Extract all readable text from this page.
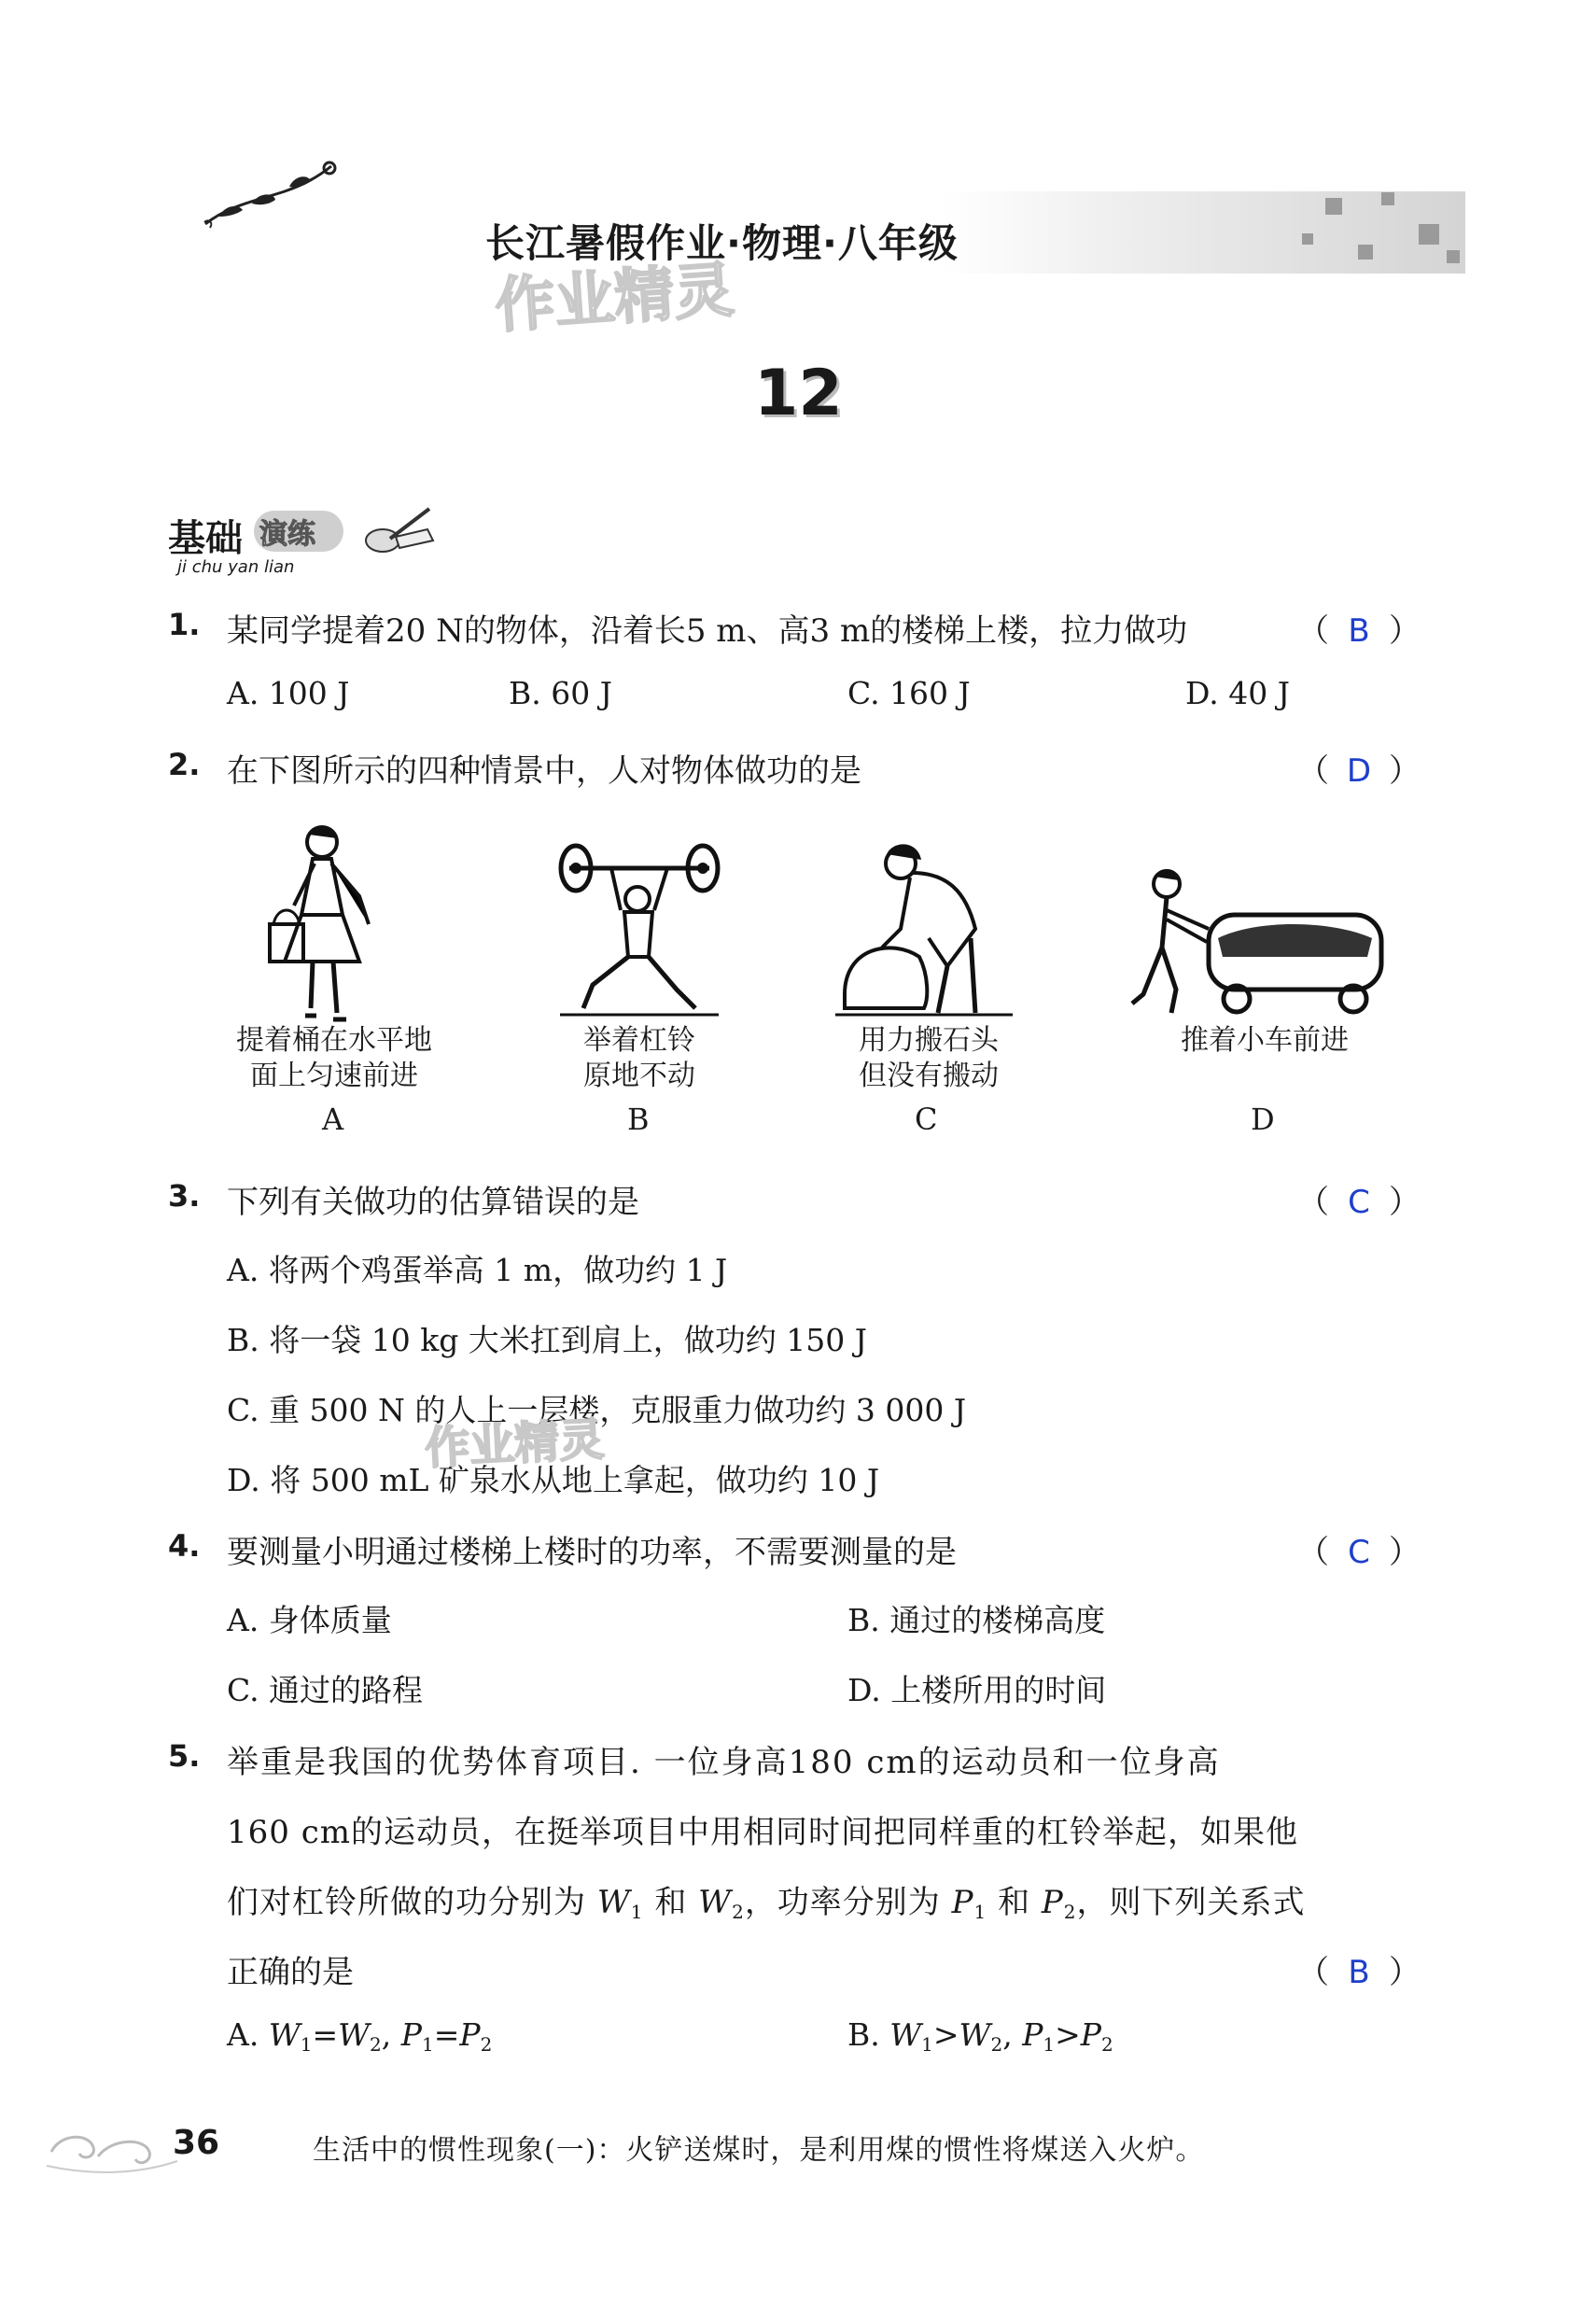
长江暑假作业·物理·八年级
作业精灵
12
基础 演练
ji chu yan lian
1. 某同学提着20 N的物体，沿着长5 m、高3 m的楼梯上楼，拉力做功	（ B ）
A. 100 J	B. 60 J	C. 160 J	D. 40 J
2. 在下图所示的四种情景中，人对物体做功的是	（ D ）
提着桶在水平地
面上匀速前进
A
举着杠铃
原地不动
B
用力搬石头
但没有搬动
C
推着小车前进
D
3. 下列有关做功的估算错误的是	（ C ）
A. 将两个鸡蛋举高 1 m，做功约 1 J
B. 将一袋 10 kg 大米扛到肩上，做功约 150 J
C. 重 500 N 的人上一层楼，克服重力做功约 3 000 J
作业精灵
D. 将 500 mL 矿泉水从地上拿起，做功约 10 J
4. 要测量小明通过楼梯上楼时的功率，不需要测量的是	（ C ）
A. 身体质量	B. 通过的楼梯高度
C. 通过的路程	D. 上楼所用的时间
5. 举重是我国的优势体育项目. 一位身高180 cm的运动员和一位身高
160 cm的运动员，在挺举项目中用相同时间把同样重的杠铃举起，如果他
们对杠铃所做的功分别为 $W_1$ 和 $W_2$，功率分别为 $P_1$ 和 $P_2$，则下列关系式
正确的是	（ B ）
A. $W_1=W_2$, $P_1=P_2$	B. $W_1>W_2$, $P_1>P_2$
36	生活中的惯性现象(一)：火铲送煤时，是利用煤的惯性将煤送入火炉。
